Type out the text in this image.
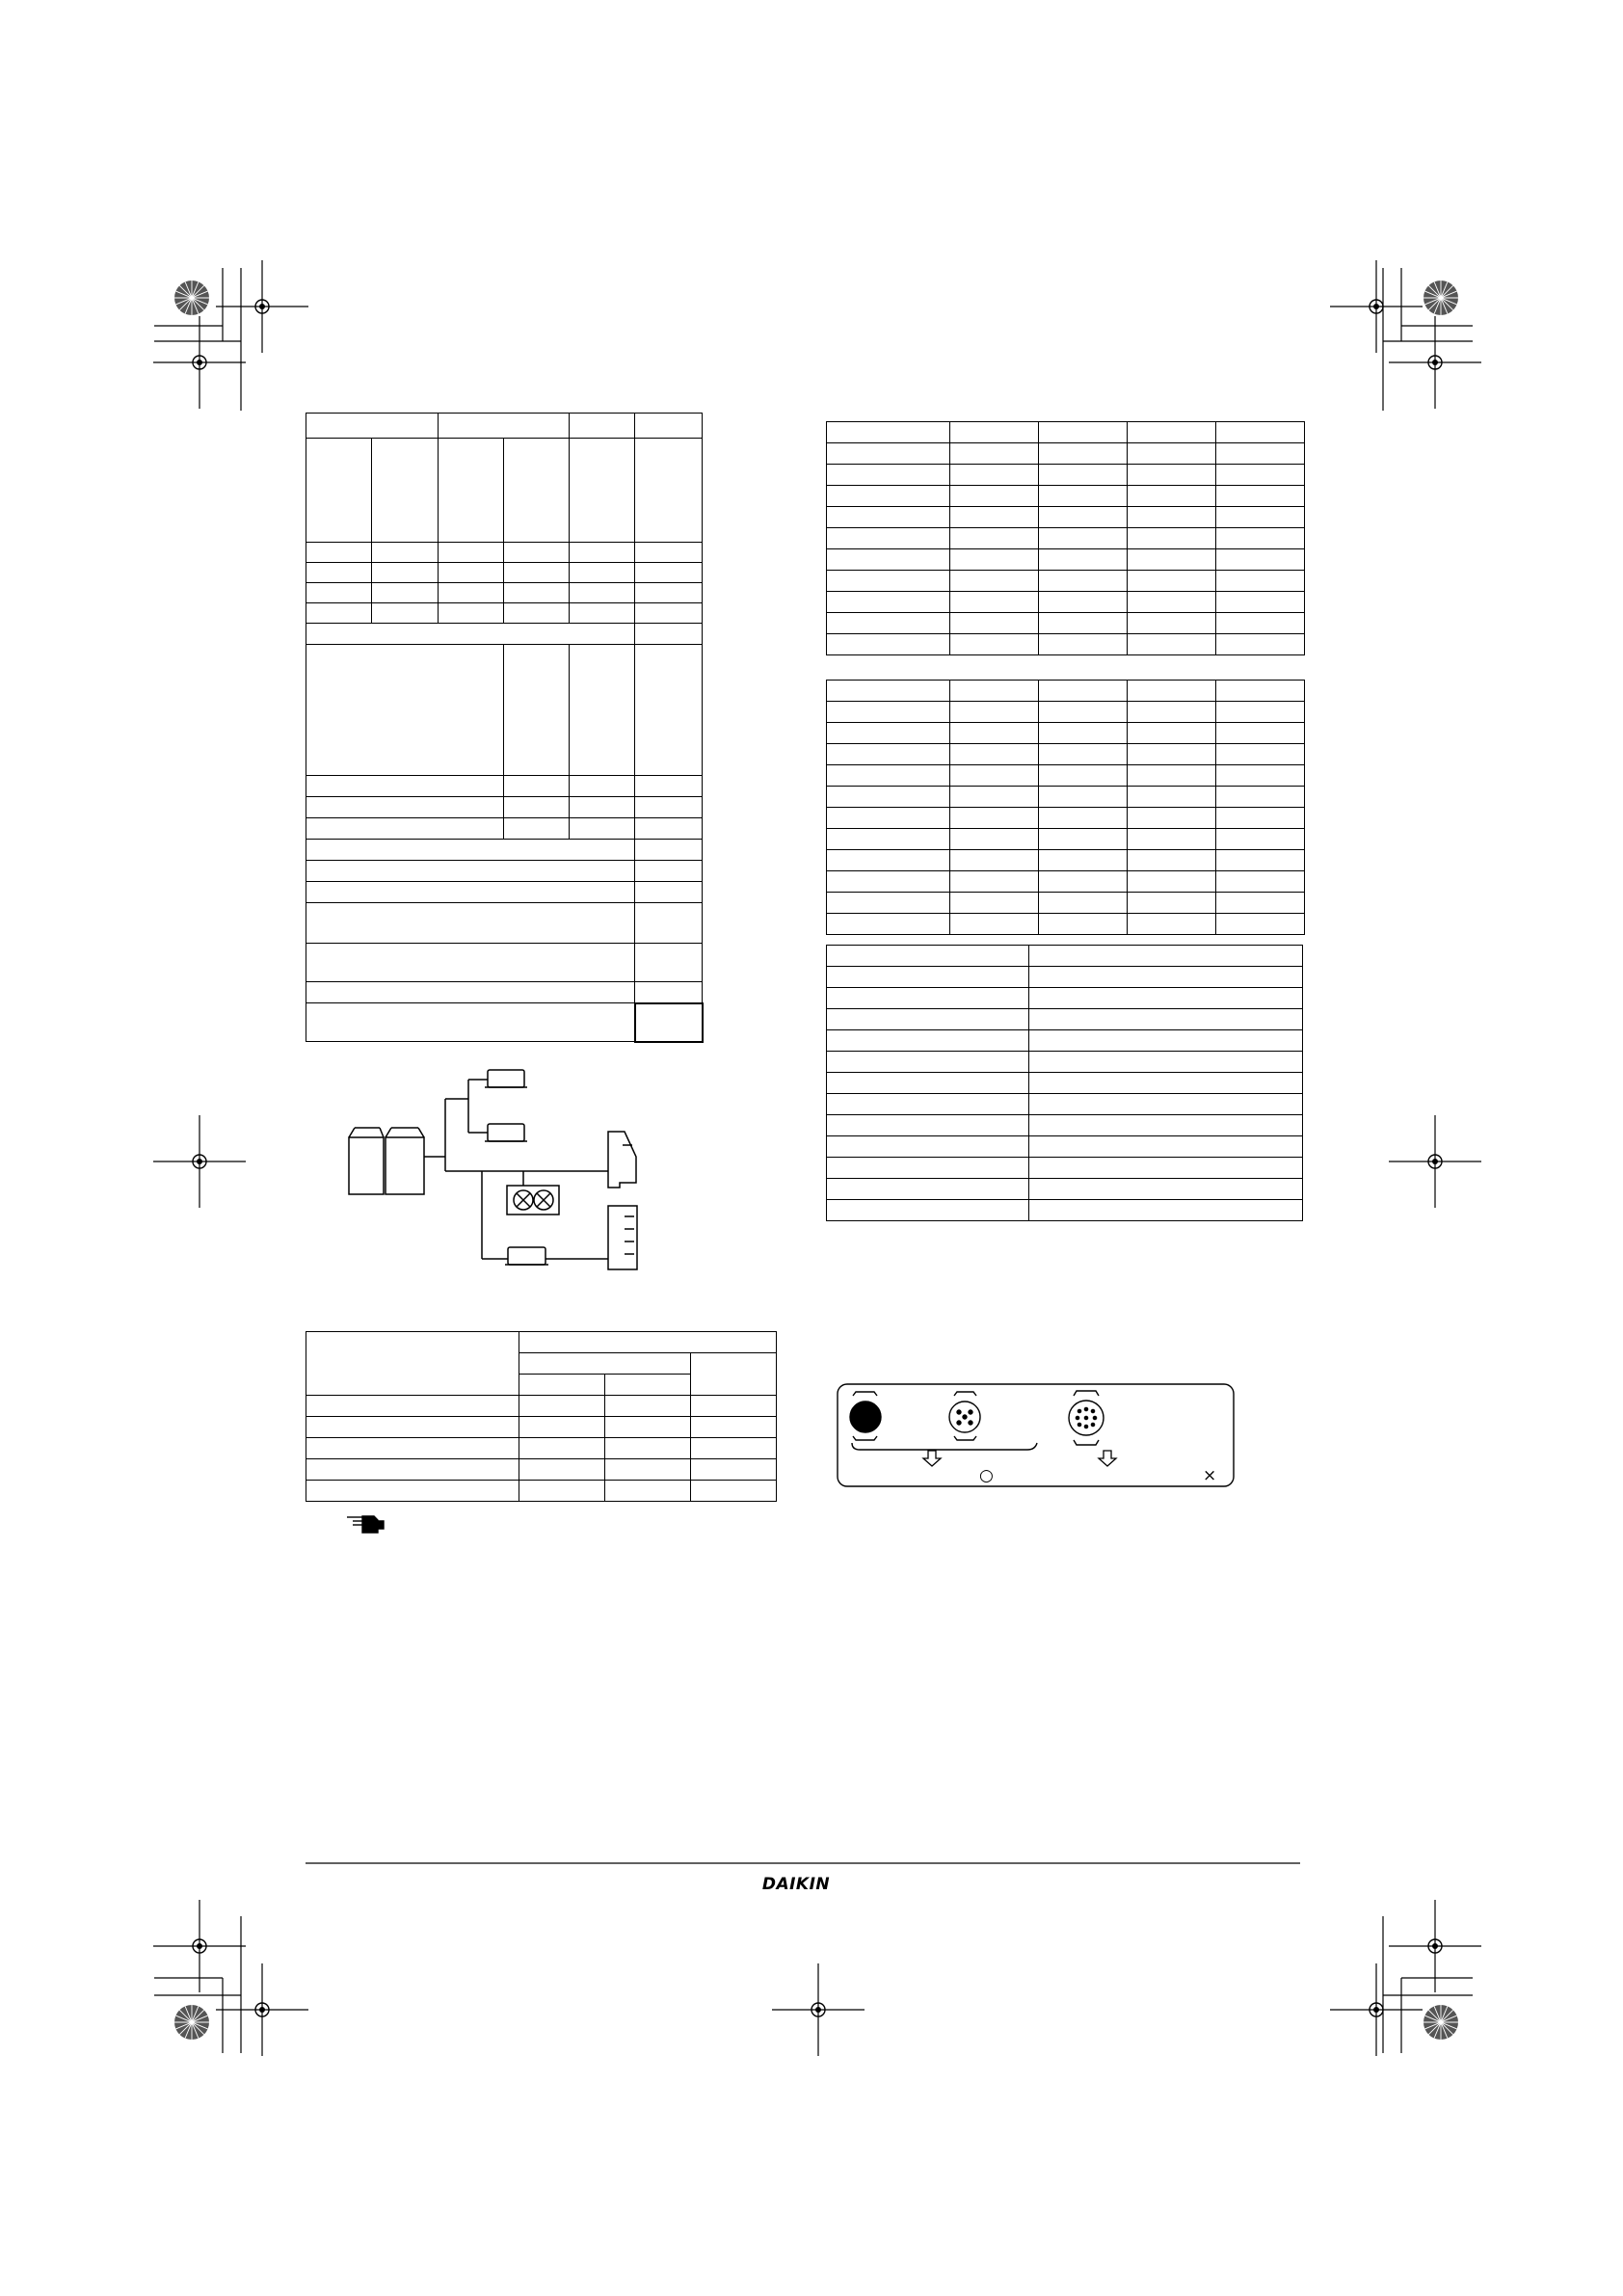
○	×

DAIKIN
